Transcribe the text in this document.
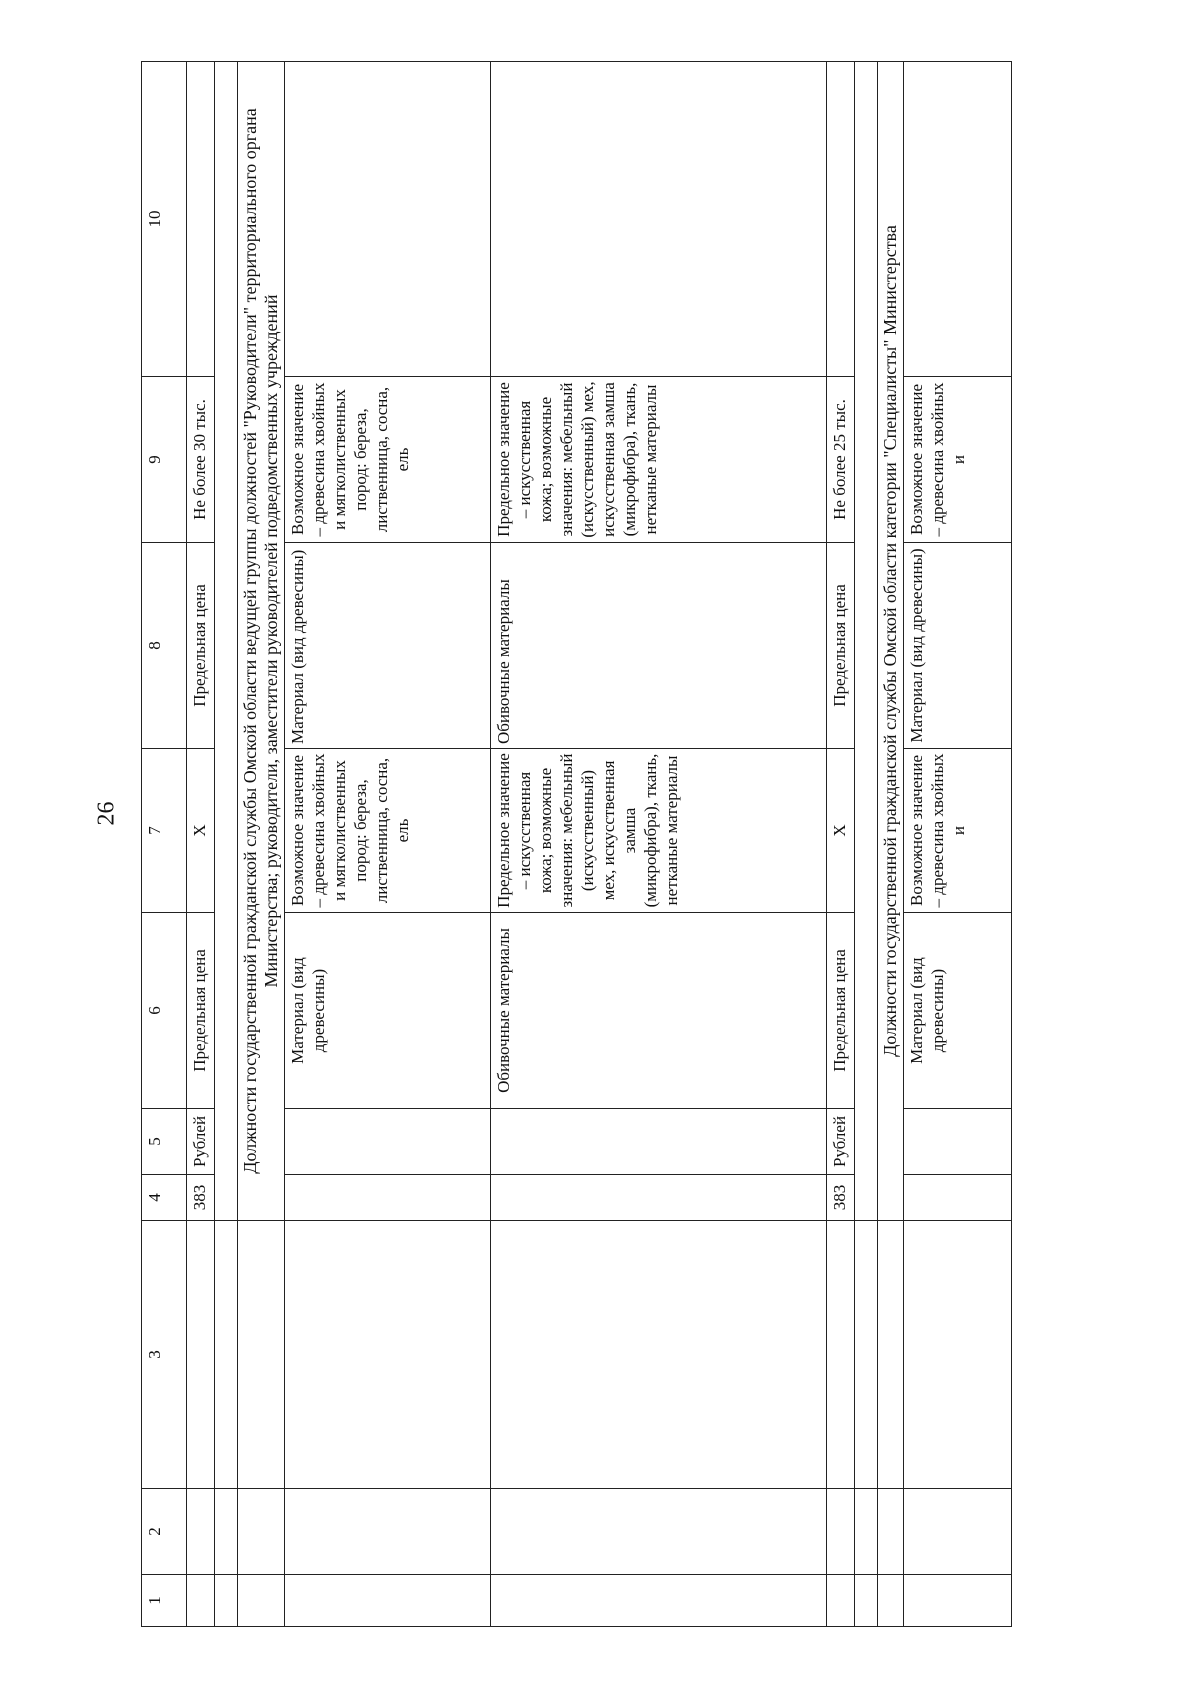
26
1	2	3	4	5	6	7	8	9	10
			383	Рублей	Предельная цена	X	Предельная цена	Не более 30 тыс.	

			Должности государственной гражданской службы Омской области ведущей группы должностей "Руководители" территориального органа Министерства; руководители, заместители руководителей подведомственных учреждений						
					Материал (вид древесины)	Возможное значение – древесина хвойных и мягколиственных пород: береза, лиственница, сосна, ель	Материал (вид древесины)	Возможное значение – древесина хвойных и мягколиственных пород: береза, лиственница, сосна, ель	
					Обивочные материалы	Предельное значение – искусственная кожа; возможные значения: мебельный (искусственный) мех, искусственная замша (микрофибра), ткань, нетканые материалы	Обивочные материалы	Предельное значение – искусственная кожа; возможные значения: мебельный (искусственный) мех, искусственная замша (микрофибра), ткань, нетканые материалы	
			383	Рублей	Предельная цена	X	Предельная цена	Не более 25 тыс.	

			Должности государственной гражданской службы Омской области категории "Специалисты" Министерства						
					Материал (вид древесины)	Возможное значение – древесина хвойных и	Материал (вид древесины)	Возможное значение – древесина хвойных и	
